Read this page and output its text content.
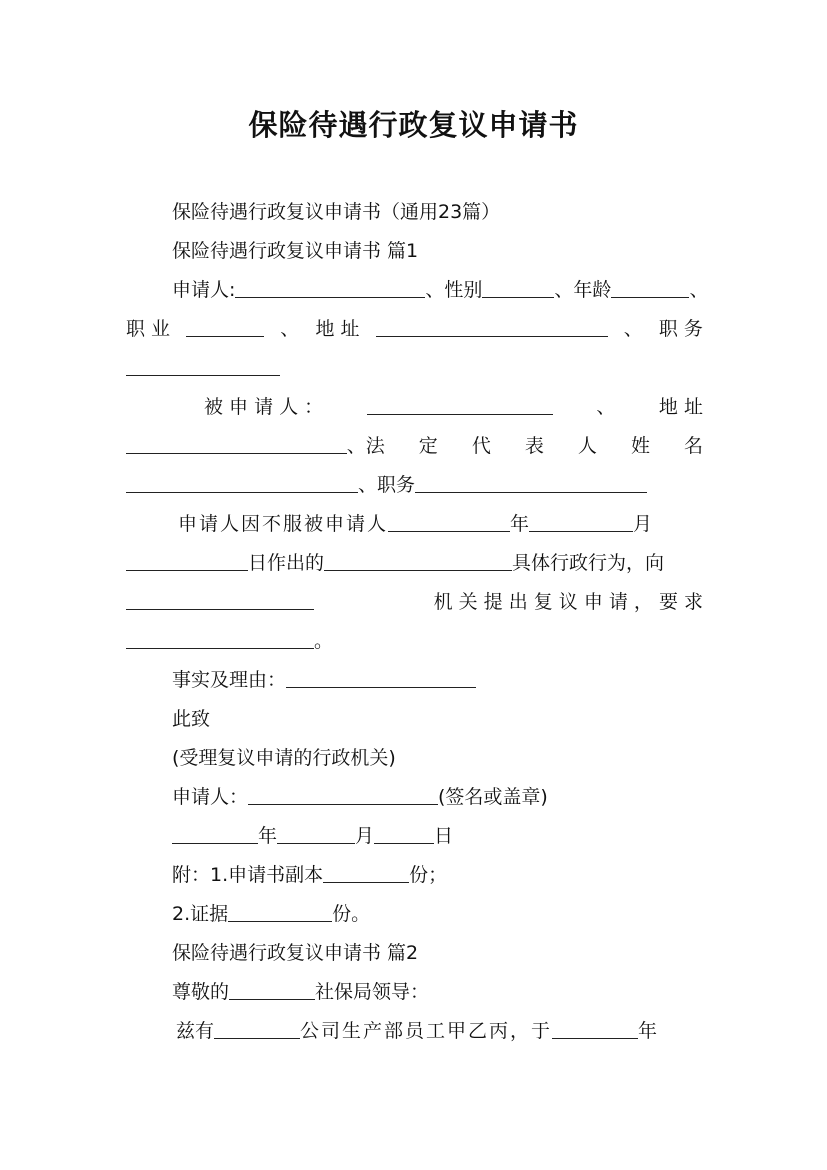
保险待遇行政复议申请书
保险待遇行政复议申请书（通用23篇）
保险待遇行政复议申请书 篇1
申请人:	、性别	、年龄	、
职 业	、 地 址	、 职 务
被 申 请 人 ：	、 地 址
、 法 定 代 表 人 姓 名
、职务
申请人因不服被申请人	年	月
日作出的	具体行政行为，向
机 关 提 出 复 议 申 请 ， 要 求
。
事实及理由：
此致
(受理复议申请的行政机关)
申请人：	(签名或盖章)
年	月	日
附：1.申请书副本	份；
2.证据	份。
保险待遇行政复议申请书 篇2
尊敬的	社保局领导：
兹有	公司生产部员工甲乙丙，于	年
